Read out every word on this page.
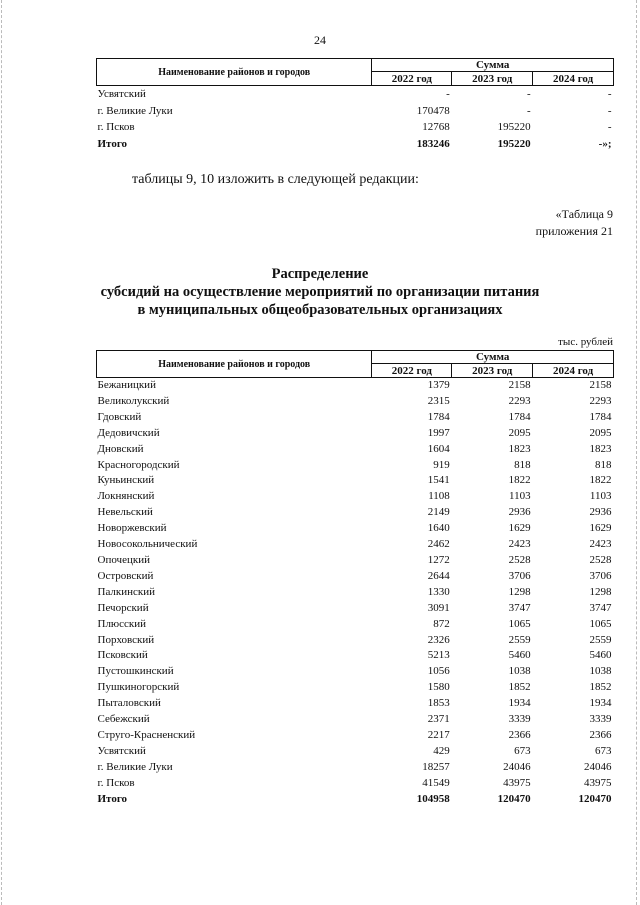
24
Наименование районов и городов	Сумма		
	2022 год	2023 год	2024 год
Усвятский	-	-	-
г. Великие Луки	170478	-	-
г. Псков	12768	195220	-
Итого	183246	195220	-»;
таблицы 9, 10 изложить в следующей редакции:
«Таблица 9
приложения 21
Распределение
субсидий на осуществление мероприятий по организации питания
в муниципальных общеобразовательных организациях
тыс. рублей
Наименование районов и городов	Сумма		
	2022 год	2023 год	2024 год
Бежаницкий	1379	2158	2158
Великолукский	2315	2293	2293
Гдовский	1784	1784	1784
Дедовичский	1997	2095	2095
Дновский	1604	1823	1823
Красногородский	919	818	818
Куньинский	1541	1822	1822
Локнянский	1108	1103	1103
Невельский	2149	2936	2936
Новоржевский	1640	1629	1629
Новосокольнический	2462	2423	2423
Опочецкий	1272	2528	2528
Островский	2644	3706	3706
Палкинский	1330	1298	1298
Печорский	3091	3747	3747
Плюсский	872	1065	1065
Порховский	2326	2559	2559
Псковский	5213	5460	5460
Пустошкинский	1056	1038	1038
Пушкиногорский	1580	1852	1852
Пыталовский	1853	1934	1934
Себежский	2371	3339	3339
Струго-Красненский	2217	2366	2366
Усвятский	429	673	673
г. Великие Луки	18257	24046	24046
г. Псков	41549	43975	43975
Итого	104958	120470	120470
